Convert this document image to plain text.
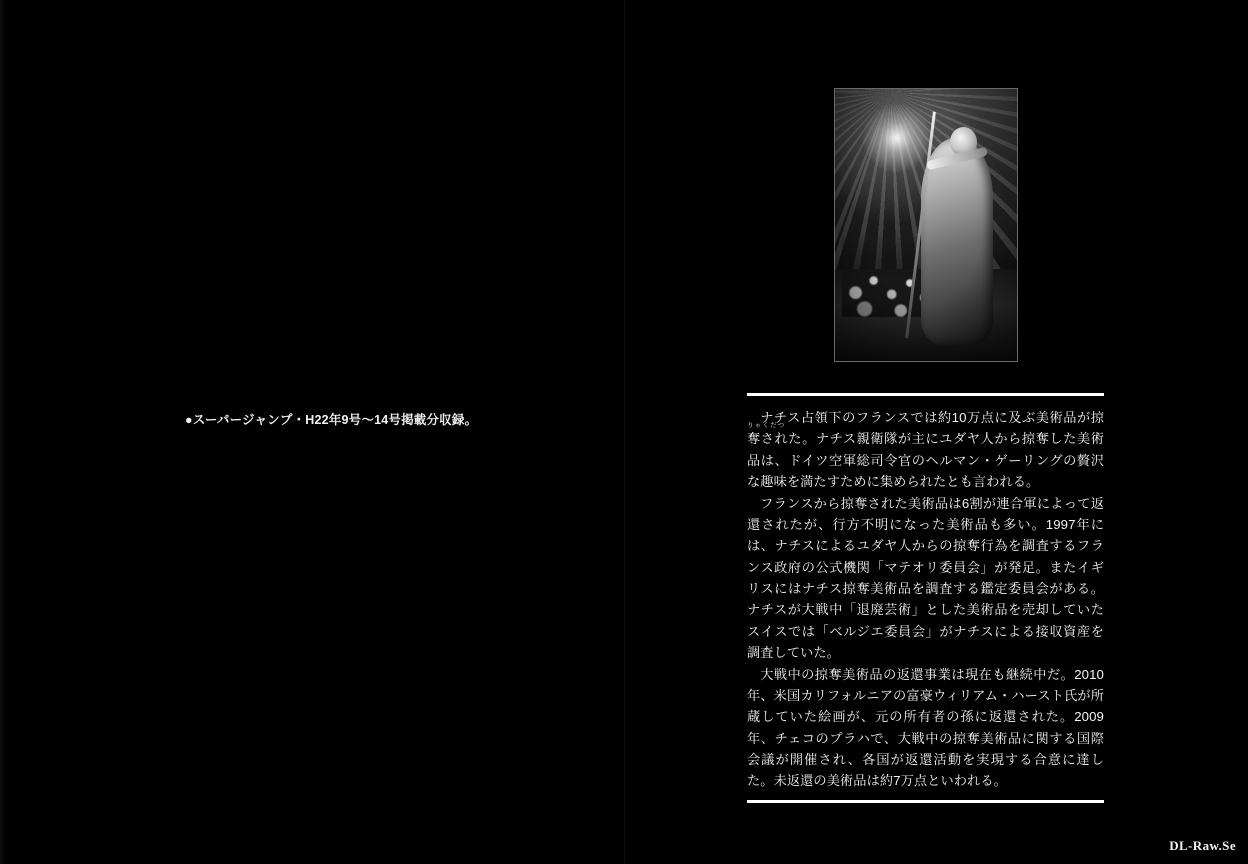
●スーパージャンプ・H22年9号〜14号掲載分収録。	ナチス占領下のフランスでは約10万点に及ぶ美術品が掠奪された。ナチス親衛隊が主にユダヤ人から掠奪した美術品は、ドイツ空軍総司令官のヘルマン・ゲーリングの贅沢な趣味を満たすために集められたとも言われる。

フランスから掠奪された美術品は6割が連合軍によって返還されたが、行方不明になった美術品も多い。1997年には、ナチスによるユダヤ人からの掠奪行為を調査するフランス政府の公式機関「マテオリ委員会」が発足。またイギリスにはナチス掠奪美術品を調査する鑑定委員会がある。ナチスが大戦中「退廃芸術」とした美術品を売却していたスイスでは「ベルジエ委員会」がナチスによる接収資産を調査していた。

大戦中の掠奪美術品の返還事業は現在も継続中だ。2010年、米国カリフォルニアの富豪ウィリアム・ハースト氏が所蔵していた絵画が、元の所有者の孫に返還された。2009年、チェコのプラハで、大戦中の掠奪美術品に関する国際会議が開催され、各国が返還活動を実現する合意に達した。未返還の美術品は約7万点といわれる。

りゃくだつ
DL-Raw.Se
